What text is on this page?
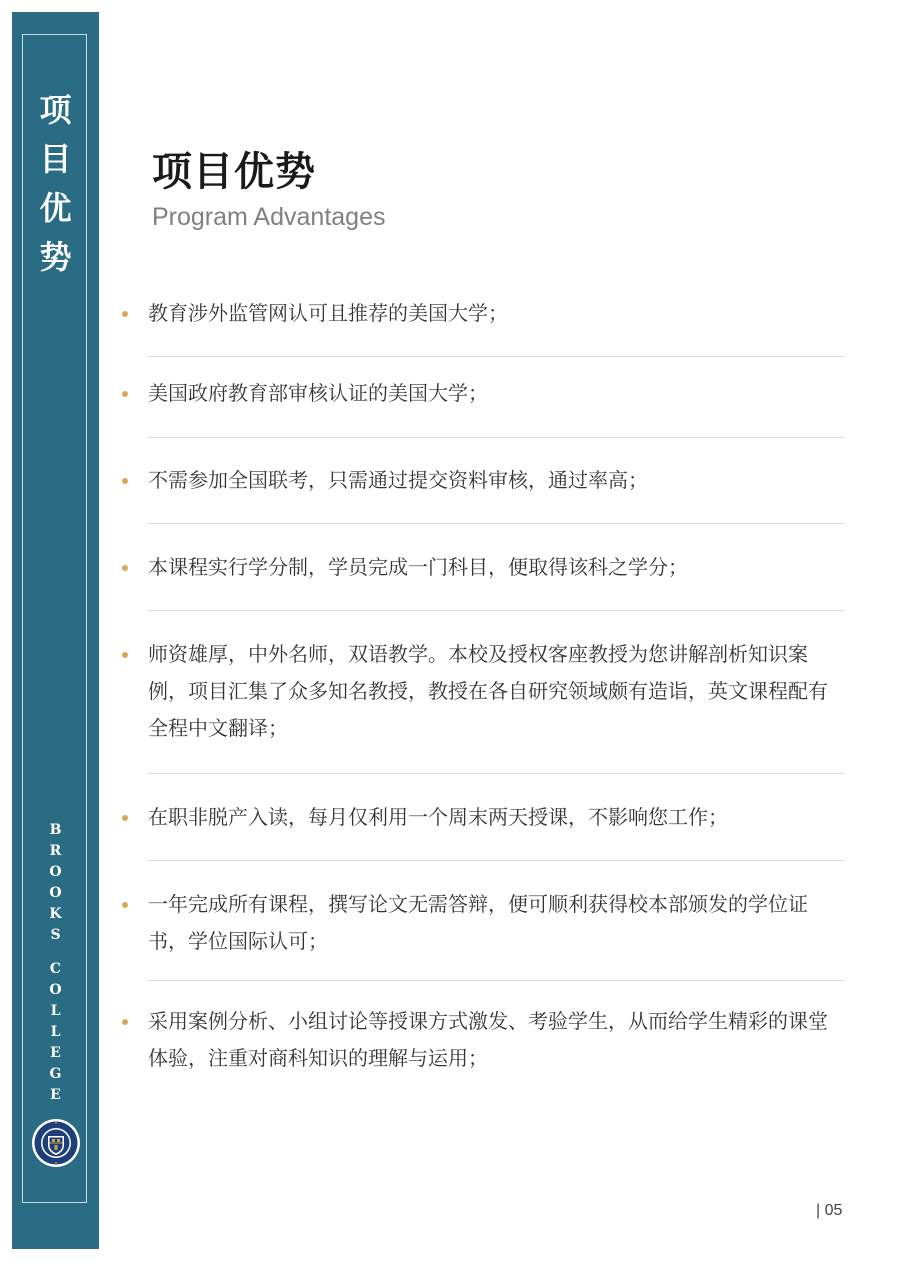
项
目
优
势
B
R
O
O
K
S
C
O
L
L
E
G
E
项目优势
Program Advantages
教育涉外监管网认可且推荐的美国大学；
美国政府教育部审核认证的美国大学；
不需参加全国联考，只需通过提交资料审核，通过率高；
本课程实行学分制，学员完成一门科目，便取得该科之学分；
师资雄厚，中外名师，双语教学。本校及授权客座教授为您讲解剖析知识案例，项目汇集了众多知名教授，教授在各自研究领域颇有造诣，英文课程配有全程中文翻译；
在职非脱产入读，每月仅利用一个周末两天授课，不影响您工作；
一年完成所有课程，撰写论文无需答辩，便可顺利获得校本部颁发的学位证书，学位国际认可；
采用案例分析、小组讨论等授课方式激发、考验学生，从而给学生精彩的课堂体验，注重对商科知识的理解与运用；
| 05
